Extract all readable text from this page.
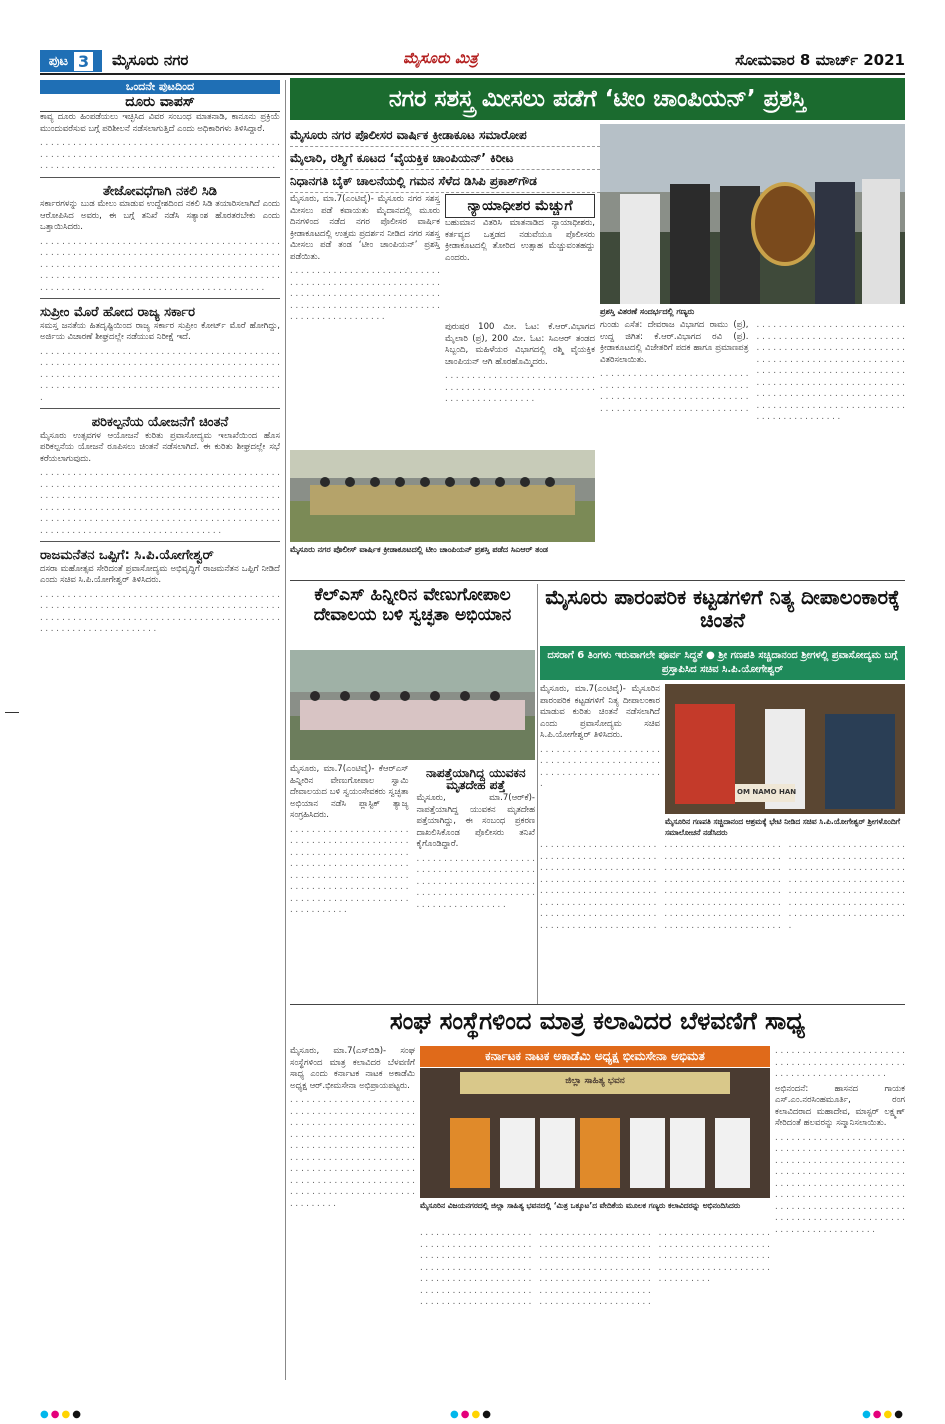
ಪುಟ 3 ಮೈಸೂರು ನಗರ	ಮೈಸೂರು ಮಿತ್ರ	ಸೋಮವಾರ 8 ಮಾರ್ಚ್ 2021
ಒಂದನೇ ಪುಟದಿಂದ
ದೂರು ವಾಪಸ್

ಕಾವ್ಯ ದೂರು ಹಿಂಪಡೆಯಲು ಇಚ್ಛಿಸಿದ ವಿವರ ಸಂಬಂಧ ಮಾತನಾಡಿ, ಕಾನೂನು ಪ್ರಕ್ರಿಯೆ ಮುಂದುವರೆಸುವ ಬಗ್ಗೆ ಪರಿಶೀಲನೆ ನಡೆಸಲಾಗುತ್ತಿದೆ ಎಂದು ಅಧಿಕಾರಿಗಳು ತಿಳಿಸಿದ್ದಾರೆ.

. . . . . . . . . . . . . . . . . . . . . . . . . . . . . . . . . . . . . . . . . . . . . . . . . . . . . . . . . . . . . . . . . . . . . . . . . . . . . . . . . . . . . . . . . . . . . . . . . . . . . . . . . . . . . . . . . . . . . . . . . . . . . . . . . . . .

ತೇಜೋವಧೆಗಾಗಿ ನಕಲಿ ಸಿಡಿ

ಸರ್ಕಾರಗಳನ್ನು ಬುಡ ಮೇಲು ಮಾಡುವ ಉದ್ದೇಶದಿಂದ ನಕಲಿ ಸಿಡಿ ತಯಾರಿಸಲಾಗಿದೆ ಎಂದು ಆರೋಪಿಸಿದ ಅವರು, ಈ ಬಗ್ಗೆ ತನಿಖೆ ನಡೆಸಿ ಸತ್ಯಾಂಶ ಹೊರತರಬೇಕು ಎಂದು ಒತ್ತಾಯಿಸಿದರು.

. . . . . . . . . . . . . . . . . . . . . . . . . . . . . . . . . . . . . . . . . . . . . . . . . . . . . . . . . . . . . . . . . . . . . . . . . . . . . . . . . . . . . . . . . . . . . . . . . . . . . . . . . . . . . . . . . . . . . . . . . . . . . . . . . . . . . . . . . . . . . . . . . . . . . . . . . . . . . . . . . . . . . . . . . . . . . . . . . . . . . . . . . . . . . . . . . . . . . . . . . . . . . . . . . . . . . . . . . .

ಸುಪ್ರೀಂ ಮೊರೆ ಹೋದ ರಾಜ್ಯ ಸರ್ಕಾರ

ಸಮಸ್ತ ಜನತೆಯ ಹಿತದೃಷ್ಟಿಯಿಂದ ರಾಜ್ಯ ಸರ್ಕಾರ ಸುಪ್ರೀಂ ಕೋರ್ಟ್ ಮೊರೆ ಹೋಗಿದ್ದು, ಅರ್ಜಿಯ ವಿಚಾರಣೆ ಶೀಘ್ರದಲ್ಲೇ ನಡೆಯುವ ನಿರೀಕ್ಷೆ ಇದೆ.

. . . . . . . . . . . . . . . . . . . . . . . . . . . . . . . . . . . . . . . . . . . . . . . . . . . . . . . . . . . . . . . . . . . . . . . . . . . . . . . . . . . . . . . . . . . . . . . . . . . . . . . . . . . . . . . . . . . . . . . . . . . . . . . . . . . . . . . . . . . . . . . . . . . . . . . . . . . . . . . . . . . . . . . . . . . . . . . . .

ಪರಿಕಲ್ಪನೆಯ ಯೋಜನೆಗೆ ಚಿಂತನೆ

ಮೈಸೂರು ಉತ್ಸವಗಳ ಆಯೋಜನೆ ಕುರಿತು ಪ್ರವಾಸೋದ್ಯಮ ಇಲಾಖೆಯಿಂದ ಹೊಸ ಪರಿಕಲ್ಪನೆಯ ಯೋಜನೆ ರೂಪಿಸಲು ಚಿಂತನೆ ನಡೆಸಲಾಗಿದೆ. ಈ ಕುರಿತು ಶೀಘ್ರದಲ್ಲೇ ಸಭೆ ಕರೆಯಲಾಗುವುದು.

. . . . . . . . . . . . . . . . . . . . . . . . . . . . . . . . . . . . . . . . . . . . . . . . . . . . . . . . . . . . . . . . . . . . . . . . . . . . . . . . . . . . . . . . . . . . . . . . . . . . . . . . . . . . . . . . . . . . . . . . . . . . . . . . . . . . . . . . . . . . . . . . . . . . . . . . . . . . . . . . . . . . . . . . . . . . . . . . . . . . . . . . . . . . . . . . . . . . . . . . . . . . . . . . . . . . . . . . . . . . . . . . . . . . . . . . . . . . . . . . . . . . . . . . . . . . . .

ರಾಜಮನೆತನ ಒಪ್ಪಿಗೆ: ಸಿ.ಪಿ.ಯೋಗೇಶ್ವರ್

ದಸರಾ ಮಹೋತ್ಸವ ಸೇರಿದಂತೆ ಪ್ರವಾಸೋದ್ಯಮ ಅಭಿವೃದ್ಧಿಗೆ ರಾಜಮನೆತನ ಒಪ್ಪಿಗೆ ನೀಡಿದೆ ಎಂದು ಸಚಿವ ಸಿ.ಪಿ.ಯೋಗೇಶ್ವರ್ ತಿಳಿಸಿದರು.

. . . . . . . . . . . . . . . . . . . . . . . . . . . . . . . . . . . . . . . . . . . . . . . . . . . . . . . . . . . . . . . . . . . . . . . . . . . . . . . . . . . . . . . . . . . . . . . . . . . . . . . . . . . . . . . . . . . . . . . . . . . . . . . . . . . . . . . . . . . . . . . . . . . . . . . . . .

ನಗರ ಸಶಸ್ತ್ರ ಮೀಸಲು ಪಡೆಗೆ ‘ಟೀಂ ಚಾಂಪಿಯನ್’ ಪ್ರಶಸ್ತಿ
ಮೈಸೂರು ನಗರ ಪೊಲೀಸರ ವಾರ್ಷಿಕ ಕ್ರೀಡಾಕೂಟ ಸಮಾರೋಪ
ಮೈಲಾರಿ, ರಶ್ಮಿಗೆ ಕೂಟದ ‘ವೈಯಕ್ತಿಕ ಚಾಂಪಿಯನ್’ ಕಿರೀಟ
ನಿಧಾನಗತಿ ಬೈಕ್ ಚಾಲನೆಯಲ್ಲಿ ಗಮನ ಸೆಳೆದ ಡಿಸಿಪಿ ಪ್ರಕಾಶ್‌ಗೌಡ

ಮೈಸೂರು, ಮಾ.7(ಎಂಟಿವೈ)- ಮೈಸೂರು ನಗರ ಸಶಸ್ತ್ರ ಮೀಸಲು ಪಡೆ ಕವಾಯತು ಮೈದಾನದಲ್ಲಿ ಮೂರು ದಿನಗಳಿಂದ ನಡೆದ ನಗರ ಪೊಲೀಸರ ವಾರ್ಷಿಕ ಕ್ರೀಡಾಕೂಟದಲ್ಲಿ ಉತ್ತಮ ಪ್ರದರ್ಶನ ನೀಡಿದ ನಗರ ಸಶಸ್ತ್ರ ಮೀಸಲು ಪಡೆ ತಂಡ ‘ಟೀಂ ಚಾಂಪಿಯನ್’ ಪ್ರಶಸ್ತಿ ಪಡೆಯಿತು.

. . . . . . . . . . . . . . . . . . . . . . . . . . . . . . . . . . . . . . . . . . . . . . . . . . . . . . . . . . . . . . . . . . . . . . . . . . . . . . . . . . . . . . . . . . . . . . . . . . . . . . . . . . . . . . . . . . . . . . . . . . . . . . . . . .

ನ್ಯಾಯಾಧೀಶರ ಮೆಚ್ಚುಗೆ

ಬಹುಮಾನ ವಿತರಿಸಿ ಮಾತನಾಡಿದ ನ್ಯಾಯಾಧೀಶರು, ಕರ್ತವ್ಯದ ಒತ್ತಡದ ನಡುವೆಯೂ ಪೊಲೀಸರು ಕ್ರೀಡಾಕೂಟದಲ್ಲಿ ತೋರಿದ ಉತ್ಸಾಹ ಮೆಚ್ಚುವಂತಹದ್ದು ಎಂದರು.

ಪುರುಷರ 100 ಮೀ. ಓಟ: ಕೆ.ಆರ್.ವಿಭಾಗದ ಮೈಲಾರಿ (ಪ್ರ), 200 ಮೀ. ಓಟ: ಸಿಎಆರ್ ತಂಡದ ಸಿಬ್ಬಂದಿ, ಮಹಿಳೆಯರ ವಿಭಾಗದಲ್ಲಿ ರಶ್ಮಿ ವೈಯಕ್ತಿಕ ಚಾಂಪಿಯನ್ ಆಗಿ ಹೊರಹೊಮ್ಮಿದರು.

. . . . . . . . . . . . . . . . . . . . . . . . . . . . . . . . . . . . . . . . . . . . . . . . . . . . . . . . . . . . . . . . . . . . . . . . .

ಪ್ರಶಸ್ತಿ ವಿತರಣೆ ಸಂದರ್ಭದಲ್ಲಿ ಗಣ್ಯರು

ಗುಂಡು ಎಸೆತ: ದೇವರಾಜ ವಿಭಾಗದ ರಾಮು (ಪ್ರ), ಉದ್ದ ಜಿಗಿತ: ಕೆ.ಆರ್.ವಿಭಾಗದ ರವಿ (ಪ್ರ). ಕ್ರೀಡಾಕೂಟದಲ್ಲಿ ವಿಜೇತರಿಗೆ ಪದಕ ಹಾಗೂ ಪ್ರಮಾಣಪತ್ರ ವಿತರಿಸಲಾಯಿತು.

. . . . . . . . . . . . . . . . . . . . . . . . . . . . . . . . . . . . . . . . . . . . . . . . . . . . . . . . . . . . . . . . . . . . . . . . . . . . . . . . . . . . . . . . . . . . . . . . . . . . . . . . . . . . . . . . . . . . . . . . . . . . . . . . . . . . . . . . . . . . . . . . . . . . . . . . . . . . . . . . . . . . . . . . . . . . . . . . . . . . . . . . . . . . . . . . . . . . . . . . . . . . . . . . . . . . . . . . . . . . . . . . . . . . . . . . . . . . . . . . . . . . . . . . . . . . . . . . . . . . . . . . . . . . . . . . . . . . . . . . . . . . . . . . . . . . . . . . . . . . . . . . . . . . . . . . . . . . . . . . . . . . . . . . . . . . . . . . . . . .

ಮೈಸೂರು ನಗರ ಪೊಲೀಸ್ ವಾರ್ಷಿಕ ಕ್ರೀಡಾಕೂಟದಲ್ಲಿ ಟೀಂ ಚಾಂಪಿಯನ್ ಪ್ರಶಸ್ತಿ ಪಡೆದ ಸಿಎಆರ್ ತಂಡ
ಕೆಲ್‌ಎಸ್ ಹಿನ್ನೀರಿನ ವೇಣುಗೋಪಾಲ ದೇವಾಲಯ ಬಳಿ ಸ್ವಚ್ಛತಾ ಅಭಿಯಾನ

ಮೈಸೂರು, ಮಾ.7(ಎಂಟಿವೈ)- ಕೆಆರ್‌ಎಸ್ ಹಿನ್ನೀರಿನ ವೇಣುಗೋಪಾಲ ಸ್ವಾಮಿ ದೇವಾಲಯದ ಬಳಿ ಸ್ವಯಂಸೇವಕರು ಸ್ವಚ್ಛತಾ ಅಭಿಯಾನ ನಡೆಸಿ ಪ್ಲಾಸ್ಟಿಕ್ ತ್ಯಾಜ್ಯ ಸಂಗ್ರಹಿಸಿದರು.

. . . . . . . . . . . . . . . . . . . . . . . . . . . . . . . . . . . . . . . . . . . . . . . . . . . . . . . . . . . . . . . . . . . . . . . . . . . . . . . . . . . . . . . . . . . . . . . . . . . . . . . . . . . . . . . . . . . . . . . . . . . . . . . . . . . . . . . . . . . . . . . . . . . . . . . . . . . . . . . . . . . . .

ನಾಪತ್ತೆಯಾಗಿದ್ದ ಯುವಕನ ಮೃತದೇಹ ಪತ್ತೆ

ಮೈಸೂರು, ಮಾ.7(ಆರ್‌ಕೆ)- ನಾಪತ್ತೆಯಾಗಿದ್ದ ಯುವಕನ ಮೃತದೇಹ ಪತ್ತೆಯಾಗಿದ್ದು, ಈ ಸಂಬಂಧ ಪ್ರಕರಣ ದಾಖಲಿಸಿಕೊಂಡ ಪೊಲೀಸರು ತನಿಖೆ ಕೈಗೊಂಡಿದ್ದಾರೆ.

. . . . . . . . . . . . . . . . . . . . . . . . . . . . . . . . . . . . . . . . . . . . . . . . . . . . . . . . . . . . . . . . . . . . . . . . . . . . . . . . . . . . . . . . . . . . . . . . . . . . . . . . .

ಮೈಸೂರು ಪಾರಂಪರಿಕ ಕಟ್ಟಡಗಳಿಗೆ ನಿತ್ಯ ದೀಪಾಲಂಕಾರಕ್ಕೆ ಚಿಂತನೆ
ದಸರಾಗೆ 6 ತಿಂಗಳು ಇರುವಾಗಲೇ ಪೂರ್ವ ಸಿದ್ಧತೆ ● ಶ್ರೀ ಗಣಪತಿ ಸಚ್ಚಿದಾನಂದ ಶ್ರೀಗಳಲ್ಲಿ ಪ್ರವಾಸೋದ್ಯಮ ಬಗ್ಗೆ ಪ್ರಸ್ತಾಪಿಸಿದ ಸಚಿವ ಸಿ.ಪಿ.ಯೋಗೇಶ್ವರ್

ಮೈಸೂರು, ಮಾ.7(ಎಂಟಿವೈ)- ಮೈಸೂರಿನ ಪಾರಂಪರಿಕ ಕಟ್ಟಡಗಳಿಗೆ ನಿತ್ಯ ದೀಪಾಲಂಕಾರ ಮಾಡುವ ಕುರಿತು ಚಿಂತನೆ ನಡೆಸಲಾಗಿದೆ ಎಂದು ಪ್ರವಾಸೋದ್ಯಮ ಸಚಿವ ಸಿ.ಪಿ.ಯೋಗೇಶ್ವರ್ ತಿಳಿಸಿದರು.

. . . . . . . . . . . . . . . . . . . . . . . . . . . . . . . . . . . . . . . . . . . . . . . . . . . . . . . . . . . . . . . . . . .

OM NAMO HAN
ಮೈಸೂರಿನ ಗಣಪತಿ ಸಚ್ಚಿದಾನಂದ ಆಶ್ರಮಕ್ಕೆ ಭೇಟಿ ನೀಡಿದ ಸಚಿವ ಸಿ.ಪಿ.ಯೋಗೇಶ್ವರ್ ಶ್ರೀಗಳೊಂದಿಗೆ ಸಮಾಲೋಚನೆ ನಡೆಸಿದರು

. . . . . . . . . . . . . . . . . . . . . . . . . . . . . . . . . . . . . . . . . . . . . . . . . . . . . . . . . . . . . . . . . . . . . . . . . . . . . . . . . . . . . . . . . . . . . . . . . . . . . . . . . . . . . . . . . . . . . . . . . . . . . . . . . . . . . . . . . . . . . . . . . . . . . . . . . . . . . . . . . . . . . . . . . . . . . . . . . . . . . . . . . . . . . . . . . . . . . . . . . . . . . . . . . . . . . . . . . . . . . . . . . . . . . . . . . . . . . . . . . . . . . . . . . . . . . . . . . . . . . . . . . . . . . . . . . . . . . . . . . . . . . . . . . . . . . . . . . . . . . . . . . . . . . . . . . . . . . . . . . . . . . . . . . . . . . . . . . . . . . . . . . . . . . . . . . . . . . . . . . . . . . . . . . . . . . . . . . . . . . . . . . . . . . . . . . . . . . . . . . . . . . . . . . . . . . . . . . . . . . . . . . . . . . . . . . . . . . . . . . . . . . . . . . . . . . . . . . . . . . . . . . . . . . . . . . . . . . . . . . . . . . . . . . . . . . . . . . . . . . . . . . . .

ಸಂಘ ಸಂಸ್ಥೆಗಳಿಂದ ಮಾತ್ರ ಕಲಾವಿದರ ಬೆಳವಣಿಗೆ ಸಾಧ್ಯ

ಮೈಸೂರು, ಮಾ.7(ಎಸ್‌ಬಿಡಿ)- ಸಂಘ ಸಂಸ್ಥೆಗಳಿಂದ ಮಾತ್ರ ಕಲಾವಿದರ ಬೆಳವಣಿಗೆ ಸಾಧ್ಯ ಎಂದು ಕರ್ನಾಟಕ ನಾಟಕ ಅಕಾಡೆಮಿ ಅಧ್ಯಕ್ಷ ಆರ್.ಭೀಮಸೇನಾ ಅಭಿಪ್ರಾಯಪಟ್ಟರು.

. . . . . . . . . . . . . . . . . . . . . . . . . . . . . . . . . . . . . . . . . . . . . . . . . . . . . . . . . . . . . . . . . . . . . . . . . . . . . . . . . . . . . . . . . . . . . . . . . . . . . . . . . . . . . . . . . . . . . . . . . . . . . . . . . . . . . . . . . . . . . . . . . . . . . . . . . . . . . . . . . . . . . . . . . . . . . . . . . . . . . . . . . . . . . . . . . . . . . . . . . . . . . . . . . . . . . . . .

ಕರ್ನಾಟಕ ನಾಟಕ ಅಕಾಡೆಮಿ ಅಧ್ಯಕ್ಷ ಭೀಮಸೇನಾ ಅಭಿಮತ
ಜಿಲ್ಲಾ ಸಾಹಿತ್ಯ ಭವನ
ಮೈಸೂರಿನ ವಿಜಯನಗರದಲ್ಲಿ ಜಿಲ್ಲಾ ಸಾಹಿತ್ಯ ಭವನದಲ್ಲಿ ‘ಮಿತ್ರ ಒಕ್ಕೂಟ’ದ ವೇದಿಕೆಯ ಮೂಲಕ ಗಣ್ಯರು ಕಲಾವಿದರನ್ನು ಅಭಿನಂದಿಸಿದರು

. . . . . . . . . . . . . . . . . . . . . . . . . . . . . . . . . . . . . . . . . . . . . . . . . . . . . . . . . . . . . . . . . . . . . . . . . . . . . . . . . . . . . . . . . . . . . . . . . . . . . . . . . . . . . . . . . . . . . . . . . . . . . . . . . . . . . . . . . . . . . . . . . . . . . . . . . . . . . . . . . . . . . . . . . . . . . . . . . . . . . . . . . . . . . . . . . . . . . . . . . . . . . . . . . . . . . . . . . . . . . . . . . . . . . . . . . . . . . . . . . . . . . . . . . . . . . . . . . . . . . . . . . . . . . . . . . . . . . . . . . . . . . . . . . . . . . . . . . . . . . . . . . . . . . . . . . . . . . . . . . . . . . . . . . . . . . . . . . . . . . . . . . . . . . . . . . . . . . . . . . . . . . . . . . . . . . . . . . . . . . . . . . . . .

. . . . . . . . . . . . . . . . . . . . . . . . . . . . . . . . . . . . . . . . . . . . . . . . . . . . . . . . . . . . . . . . . . . . .

ಅಭಿನಂದನೆ: ಹಾಸನದ ಗಾಯಕ ಎಸ್.ಎಂ.ನರಸಿಂಹಮೂರ್ತಿ, ರಂಗ ಕಲಾವಿದರಾದ ಮಹಾದೇವ, ಮಾಸ್ಟರ್ ಲಕ್ಷ್ಮಣ್ ಸೇರಿದಂತೆ ಹಲವರನ್ನು ಸನ್ಮಾನಿಸಲಾಯಿತು.

. . . . . . . . . . . . . . . . . . . . . . . . . . . . . . . . . . . . . . . . . . . . . . . . . . . . . . . . . . . . . . . . . . . . . . . . . . . . . . . . . . . . . . . . . . . . . . . . . . . . . . . . . . . . . . . . . . . . . . . . . . . . . . . . . . . . . . . . . . . . . . . . . . . . . . . . . . . . . . . . . . . . . . . . . . . . . . . . . . . . . . . . . . . . . . . . . . . . . . . . . . . . . . . . . . .

●●●●	●●●●	●●●●
